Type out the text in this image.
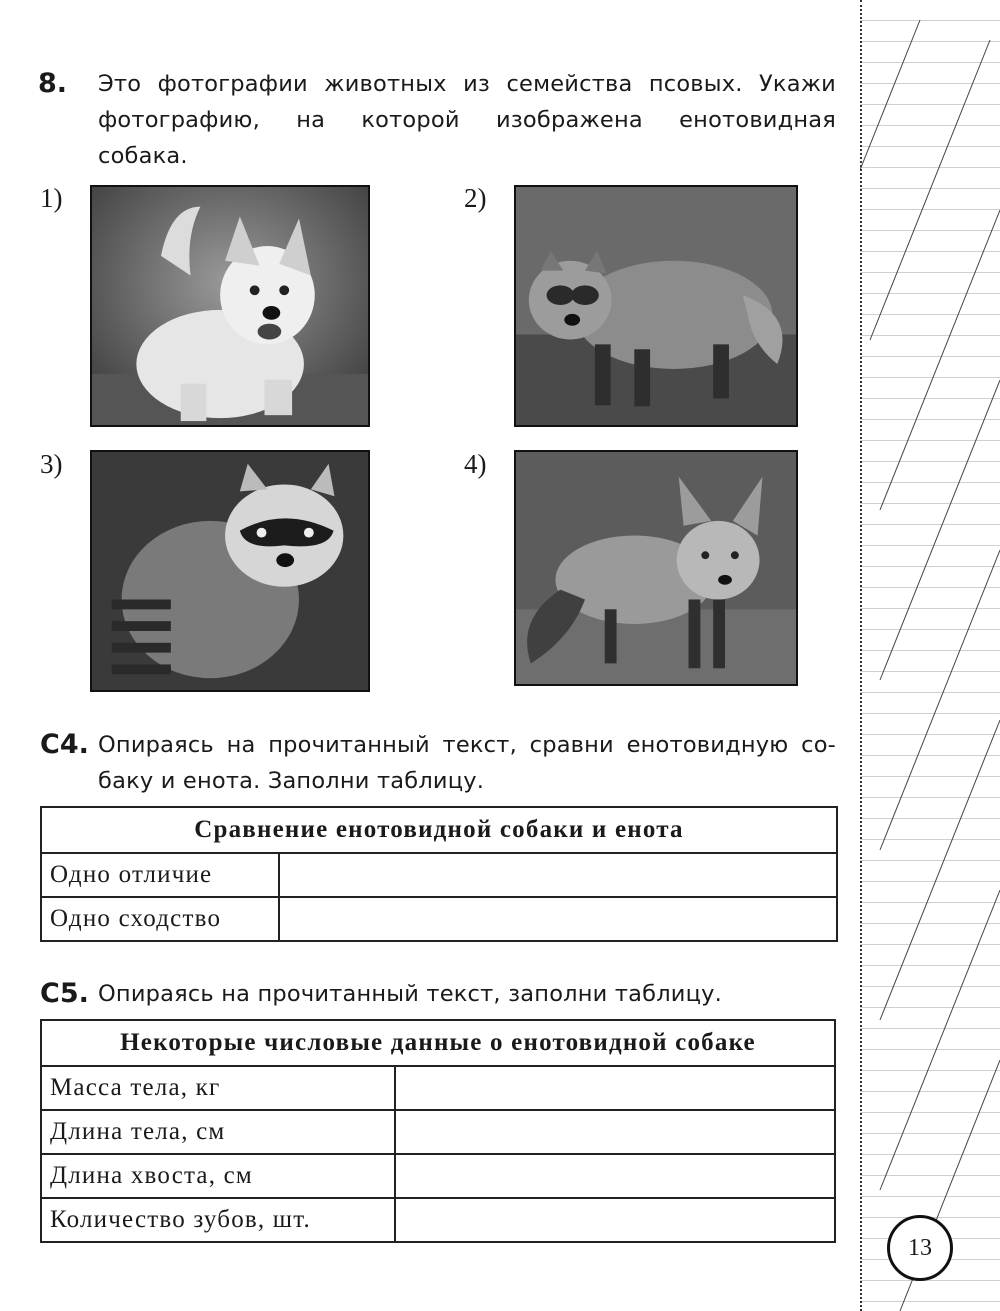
8. Это фотографии животных из семейства псовых. Укажи
фотографию, на которой изображена енотовидная
собака.
1)	2)
3)	4)
С4. Опираясь на прочитанный текст, сравни енотовидную со-
баку и енота. Заполни таблицу.
Сравнение енотовидной собаки и енота	
Одно отличие	
Одно сходство	
С5. Опираясь на прочитанный текст, заполни таблицу.
Некоторые числовые данные о енотовидной собаке	
Масса тела, кг	
Длина тела, см	
Длина хвоста, см	
Количество зубов, шт.	
13
